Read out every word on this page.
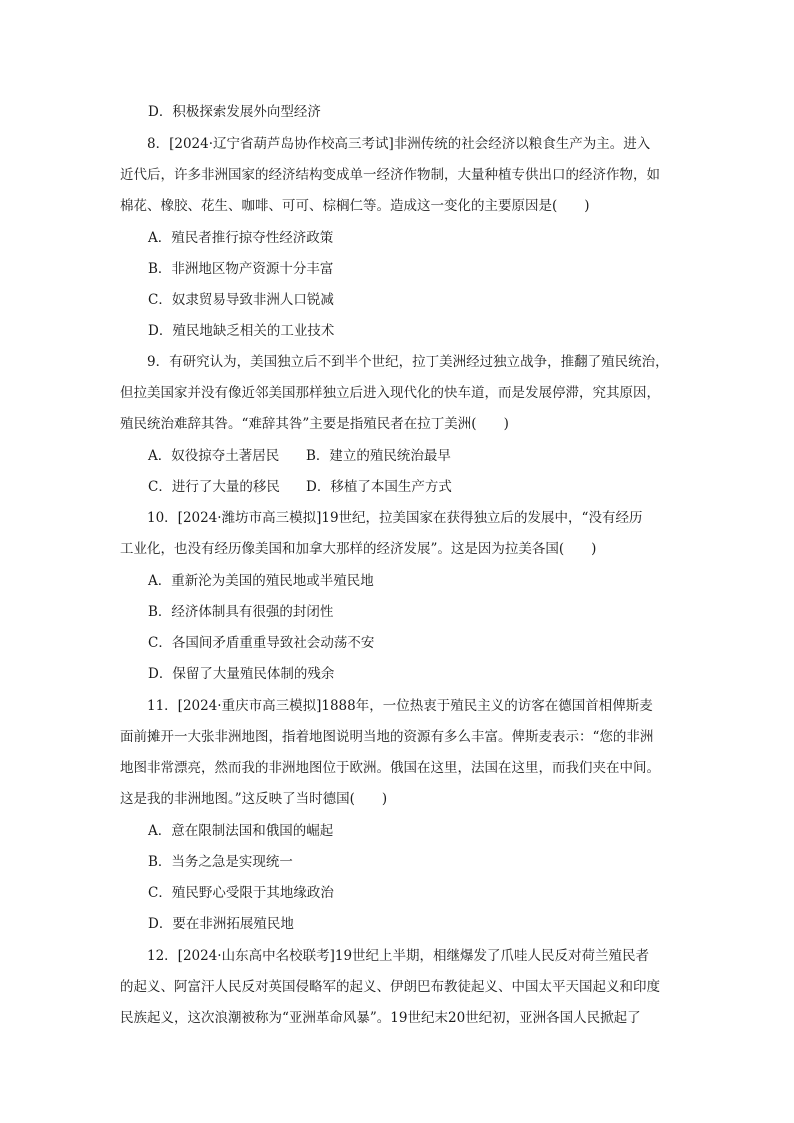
D．积极探索发展外向型经济
8．[2024·辽宁省葫芦岛协作校高三考试]非洲传统的社会经济以粮食生产为主。进入
近代后，许多非洲国家的经济结构变成单一经济作物制，大量种植专供出口的经济作物，如
棉花、橡胶、花生、咖啡、可可、棕榈仁等。造成这一变化的主要原因是(　　)
A．殖民者推行掠夺性经济政策
B．非洲地区物产资源十分丰富
C．奴隶贸易导致非洲人口锐减
D．殖民地缺乏相关的工业技术
9．有研究认为，美国独立后不到半个世纪，拉丁美洲经过独立战争，推翻了殖民统治，
但拉美国家并没有像近邻美国那样独立后进入现代化的快车道，而是发展停滞，究其原因，
殖民统治难辞其咎。“难辞其咎”主要是指殖民者在拉丁美洲(　　)
A．奴役掠夺土著居民 B．建立的殖民统治最早
C．进行了大量的移民 D．移植了本国生产方式
10．[2024·潍坊市高三模拟]19世纪，拉美国家在获得独立后的发展中，“没有经历
工业化，也没有经历像美国和加拿大那样的经济发展”。这是因为拉美各国(　　)
A．重新沦为美国的殖民地或半殖民地
B．经济体制具有很强的封闭性
C．各国间矛盾重重导致社会动荡不安
D．保留了大量殖民体制的残余
11．[2024·重庆市高三模拟]1888年，一位热衷于殖民主义的访客在德国首相俾斯麦
面前摊开一大张非洲地图，指着地图说明当地的资源有多么丰富。俾斯麦表示：“您的非洲
地图非常漂亮，然而我的非洲地图位于欧洲。俄国在这里，法国在这里，而我们夹在中间。
这是我的非洲地图。”这反映了当时德国(　　)
A．意在限制法国和俄国的崛起
B．当务之急是实现统一
C．殖民野心受限于其地缘政治
D．要在非洲拓展殖民地
12．[2024·山东高中名校联考]19世纪上半期，相继爆发了爪哇人民反对荷兰殖民者
的起义、阿富汗人民反对英国侵略军的起义、伊朗巴布教徒起义、中国太平天国起义和印度
民族起义，这次浪潮被称为“亚洲革命风暴”。19世纪末20世纪初，亚洲各国人民掀起了
